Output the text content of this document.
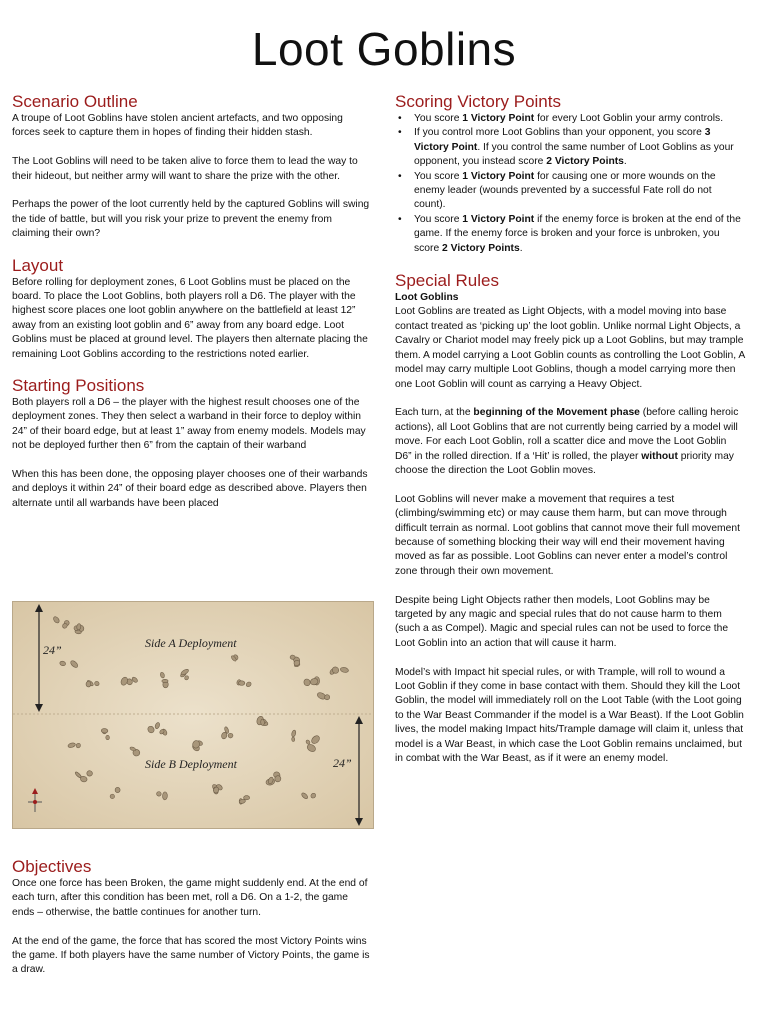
Loot Goblins
Scenario Outline

A troupe of Loot Goblins have stolen ancient artefacts, and two opposing forces seek to capture them in hopes of finding their hidden stash.

The Loot Goblins will need to be taken alive to force them to lead the way to their hideout, but neither army will want to share the prize with the other.

Perhaps the power of the loot currently held by the captured Goblins will swing the tide of battle, but will you risk your prize to prevent the enemy from claiming their own?

Layout

Before rolling for deployment zones, 6 Loot Goblins must be placed on the board. To place the Loot Goblins, both players roll a D6. The player with the highest score places one loot goblin anywhere on the battlefield at least 12” away from an existing loot goblin and 6” away from any board edge. Loot Goblins must be placed at ground level. The players then alternate placing the remaining Loot Goblins according to the restrictions noted earlier.

Starting Positions

Both players roll a D6 – the player with the highest result chooses one of the deployment zones. They then select a warband in their force to deploy within 24” of their board edge, but at least 1” away from enemy models. Models may not be deployed further then 6” from the captain of their warband

When this has been done, the opposing player chooses one of their warbands and deploys it within 24” of their board edge as described above. Players then alternate until all warbands have been placed

24”	Side A Deployment
Side B Deployment	24”
Objectives

Once one force has been Broken, the game might suddenly end. At the end of each turn, after this condition has been met, roll a D6. On a 1-2, the game ends – otherwise, the battle continues for another turn.

At the end of the game, the force that has scored the most Victory Points wins the game. If both players have the same number of Victory Points, the game is a draw.

Scoring Victory Points
• You score 1 Victory Point for every Loot Goblin your army controls.
• If you control more Loot Goblins than your opponent, you score 3 Victory Point. If you control the same number of Loot Goblins as your opponent, you instead score 2 Victory Points.
• You score 1 Victory Point for causing one or more wounds on the enemy leader (wounds prevented by a successful Fate roll do not count).
• You score 1 Victory Point if the enemy force is broken at the end of the game. If the enemy force is broken and your force is unbroken, you score 2 Victory Points.
Special Rules
Loot Goblins

Loot Goblins are treated as Light Objects, with a model moving into base contact treated as ‘picking up’ the loot goblin. Unlike normal Light Objects, a Cavalry or Chariot model may freely pick up a Loot Goblins, but may trample them. A model carrying a Loot Goblin counts as controlling the Loot Goblin, A model may carry multiple Loot Goblins, though a model carrying more then one Loot Goblin will count as carrying a Heavy Object.

Each turn, at the beginning of the Movement phase (before calling heroic actions), all Loot Goblins that are not currently being carried by a model will move. For each Loot Goblin, roll a scatter dice and move the Loot Goblin D6” in the rolled direction. If a ‘Hit’ is rolled, the player without priority may choose the direction the Loot Goblin moves.

Loot Goblins will never make a movement that requires a test (climbing/swimming etc) or may cause them harm, but can move through difficult terrain as normal. Loot goblins that cannot move their full movement because of something blocking their way will end their movement having moved as far as possible. Loot Goblins can never enter a model’s control zone through their own movement.

Despite being Light Objects rather then models, Loot Goblins may be targeted by any magic and special rules that do not cause harm to them (such a as Compel). Magic and special rules can not be used to force the Loot Goblin into an action that will cause it harm.

Model’s with Impact hit special rules, or with Trample, will roll to wound a Loot Goblin if they come in base contact with them. Should they kill the Loot Goblin, the model will immediately roll on the Loot Table (with the Loot going to the War Beast Commander if the model is a War Beast). If the Loot Goblin lives, the model making Impact hits/Trample damage will claim it, unless that model is a War Beast, in which case the Loot Goblin remains unclaimed, but in combat with the War Beast, as if it were an enemy model.
